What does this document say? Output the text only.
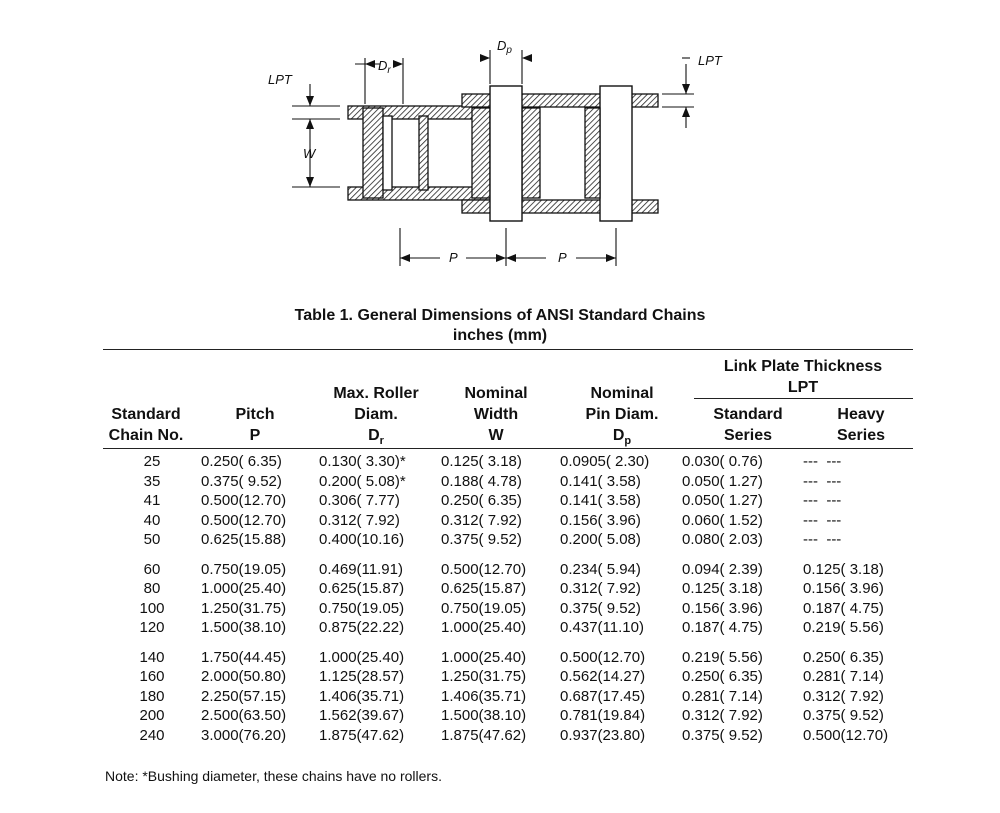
LPT
W
$D_r$
$D_p$
LPT
P	P
Table 1. General Dimensions of ANSI Standard Chains
inches (mm)
Link Plate Thickness
LPT
Standard
Chain No.
Pitch
P
Max. Roller
Diam.
$D_r$
Nominal
Width
W
Nominal
Pin Diam.
$D_p$
Standard
Series
Heavy
Series
25	0.250( 6.35)	0.130( 3.30)*	0.125( 3.18)	0.0905( 2.30)	0.030( 0.76)	---  ---
35	0.375( 9.52)	0.200( 5.08)*	0.188( 4.78)	0.141( 3.58)	0.050( 1.27)	---  ---
41	0.500(12.70)	0.306( 7.77)	0.250( 6.35)	0.141( 3.58)	0.050( 1.27)	---  ---
40	0.500(12.70)	0.312( 7.92)	0.312( 7.92)	0.156( 3.96)	0.060( 1.52)	---  ---
50	0.625(15.88)	0.400(10.16)	0.375( 9.52)	0.200( 5.08)	0.080( 2.03)	---  ---

60	0.750(19.05)	0.469(11.91)	0.500(12.70)	0.234( 5.94)	0.094( 2.39)	0.125( 3.18)
80	1.000(25.40)	0.625(15.87)	0.625(15.87)	0.312( 7.92)	0.125( 3.18)	0.156( 3.96)
100	1.250(31.75)	0.750(19.05)	0.750(19.05)	0.375( 9.52)	0.156( 3.96)	0.187( 4.75)
120	1.500(38.10)	0.875(22.22)	1.000(25.40)	0.437(11.10)	0.187( 4.75)	0.219( 5.56)

140	1.750(44.45)	1.000(25.40)	1.000(25.40)	0.500(12.70)	0.219( 5.56)	0.250( 6.35)
160	2.000(50.80)	1.125(28.57)	1.250(31.75)	0.562(14.27)	0.250( 6.35)	0.281( 7.14)
180	2.250(57.15)	1.406(35.71)	1.406(35.71)	0.687(17.45)	0.281( 7.14)	0.312( 7.92)
200	2.500(63.50)	1.562(39.67)	1.500(38.10)	0.781(19.84)	0.312( 7.92)	0.375( 9.52)
240	3.000(76.20)	1.875(47.62)	1.875(47.62)	0.937(23.80)	0.375( 9.52)	0.500(12.70)
Note: *Bushing diameter, these chains have no rollers.
